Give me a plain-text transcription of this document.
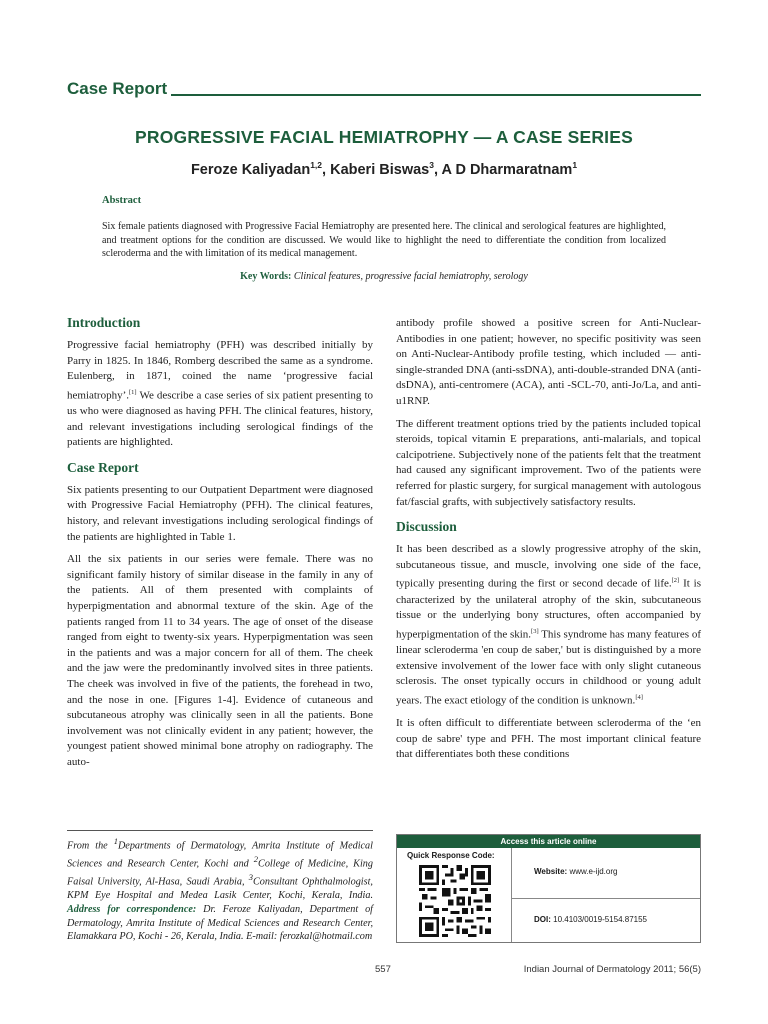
Case Report
PROGRESSIVE FACIAL HEMIATROPHY — A CASE SERIES
Feroze Kaliyadan$^{1,2}$, Kaberi Biswas$^3$, A D Dharmaratnam$^1$
Abstract

Six female patients diagnosed with Progressive Facial Hemiatrophy are presented here. The clinical and serological features are highlighted, and treatment options for the condition are discussed. We would like to highlight the need to differentiate the condition from localized scleroderma and the with limitation of its medical management.

Key Words: Clinical features, progressive facial hemiatrophy, serology

Introduction

Progressive facial hemiatrophy (PFH) was described initially by Parry in 1825. In 1846, Romberg described the same as a syndrome. Eulenberg, in 1871, coined the name ‘progressive facial hemiatrophy’.[1] We describe a case series of six patient presenting to us who were diagnosed as having PFH. The clinical features, history, and relevant investigations including serological findings of the patients are highlighted.

Case Report

Six patients presenting to our Outpatient Department were diagnosed with Progressive Facial Hemiatrophy (PFH). The clinical features, history, and relevant investigations including serological findings of the patients are highlighted in Table 1.

All the six patients in our series were female. There was no significant family history of similar disease in the family in any of the patients. All of them presented with complaints of hyperpigmentation and abnormal texture of the skin. Age of the patients ranged from 11 to 34 years. The age of onset of the disease ranged from eight to twenty-six years. Hyperpigmentation was seen in the patients and was a major concern for all of them. The cheek and the jaw were the predominantly involved sites in three patients. The cheek was involved in five of the patients, the forehead in two, and the nose in one. [Figures 1-4]. Evidence of cutaneous and subcutaneous atrophy was clinically seen in all the patients. Bone involvement was not clinically evident in any patient; however, the youngest patient showed minimal bone atrophy on radiography. The auto-

antibody profile showed a positive screen for Anti-Nuclear-Antibodies in one patient; however, no specific positivity was seen on Anti-Nuclear-Antibody profile testing, which included — anti-single-stranded DNA (anti-ssDNA), anti-double-stranded DNA (anti-dsDNA), anti-centromere (ACA), anti -SCL-70, anti-Jo/La, and anti-u1RNP.

The different treatment options tried by the patients included topical steroids, topical vitamin E preparations, anti-malarials, and topical calcipotriene. Subjectively none of the patients felt that the treatment had caused any significant improvement. Two of the patients were referred for plastic surgery, for surgical management with autologous fat/fascial grafts, with subjectively satisfactory results.

Discussion

It has been described as a slowly progressive atrophy of the skin, subcutaneous tissue, and muscle, involving one side of the face, typically presenting during the first or second decade of life.[2] It is characterized by the unilateral atrophy of the skin, subcutaneous tissue or the underlying bony structures, often accompanied by hyperpigmentation of the skin.[3] This syndrome has many features of linear scleroderma 'en coup de saber,' but is distinguished by a more extensive involvement of the lower face with only slight cutaneous sclerosis. The onset typically occurs in childhood or young adult years. The exact etiology of the condition is unknown.[4]

It is often difficult to differentiate between scleroderma of the ‘en coup de sabre' type and PFH. The most important clinical feature that differentiates both these conditions

From the $^1$Departments of Dermatology, Amrita Institute of Medical Sciences and Research Center, Kochi and $^2$College of Medicine, King Faisal University, Al-Hasa, Saudi Arabia, $^3$Consultant Ophthalmologist, KPM Eye Hospital and Medea Lasik Center, Kochi, Kerala, India. Address for correspondence: Dr. Feroze Kaliyadan, Department of Dermatology, Amrita Institute of Medical Sciences and Research Center, Elamakkara PO, Kochi - 26, Kerala, India. E-mail: ferozkal@hotmail.com

Access this article online
Quick Response Code:
Website: www.e-ijd.org
DOI: 10.4103/0019-5154.87155
557	Indian Journal of Dermatology 2011; 56(5)
